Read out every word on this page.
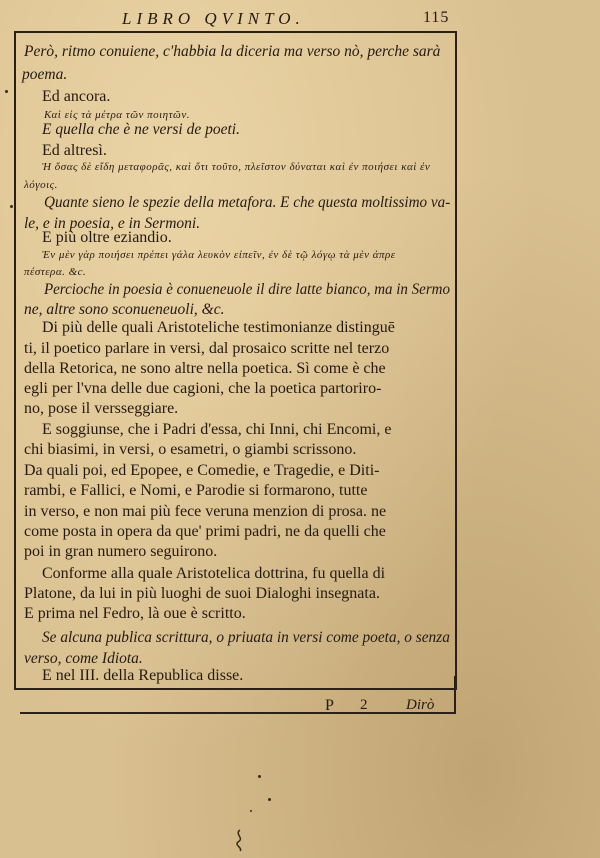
LIBRO QVINTO.	115
Però, ritmo conuiene, c'habbia la diceria ma verso nò, perche sarà
poema.
Ed ancora.
Καὶ εἰς τὰ μέτρα τῶν ποιητῶν.
E quella che è ne versi de poeti.
Ed altresì.
Ἡ ὅσας δὲ εἴδη μεταφορᾶς, καὶ ὅτι τοῦτο, πλεῖστον δύναται καὶ ἐν ποιήσει καὶ ἐν
λόγοις.
Quante sieno le spezie della metafora. E che questa moltissimo va-
le, e in poesia, e in Sermoni.
E più oltre eziandio.
Ἐν μὲν γὰρ ποιήσει πρέπει γάλα λευκὸν εἰπεῖν, ἐν δὲ τῷ λόγῳ τὰ μὲν ἀπρε
πέστερα. &c.
Percioche in poesia è conueneuole il dire latte bianco, ma in Sermo
ne, altre sono sconueneuoli, &c.
Di più delle quali Aristoteliche testimonianze distinguē
ti, il poetico parlare in versi, dal prosaico scritte nel terzo
della Retorica, ne sono altre nella poetica. Sì come è che
egli per l'vna delle due cagioni, che la poetica partoriro-
no, pose il versseggiare.
E soggiunse, che i Padri d'essa, chi Inni, chi Encomi, e
chi biasimi, in versi, o esametri, o giambi scrissono.
Da quali poi, ed Epopee, e Comedie, e Tragedie, e Diti-
rambi, e Fallici, e Nomi, e Parodie si formarono, tutte
in verso, e non mai più fece veruna menzion di prosa. ne
come posta in opera da que' primi padri, ne da quelli che
poi in gran numero seguirono.
Conforme alla quale Aristotelica dottrina, fu quella di
Platone, da lui in più luoghi de suoi Dialoghi insegnata.
E prima nel Fedro, là oue è scritto.
Se alcuna publica scrittura, o priuata in versi come poeta, o senza
verso, come Idiota.
E nel III. della Republica disse.
P 2	Dirò
